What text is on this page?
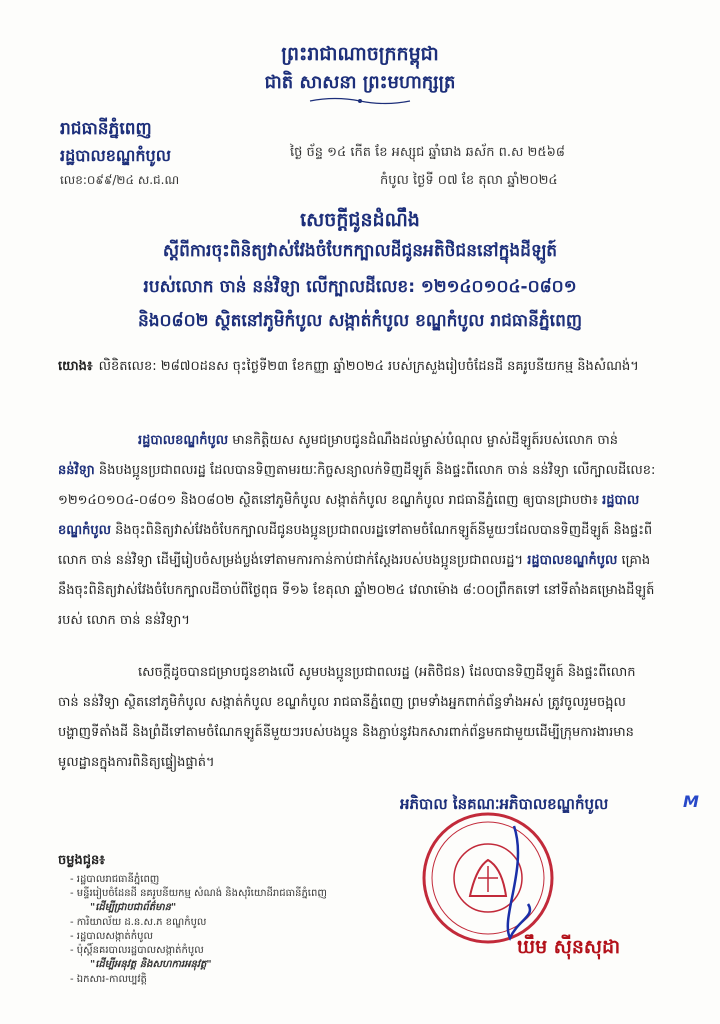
ព្រះរាជាណាចក្រកម្ពុជា
ជាតិ សាសនា ព្រះមហាក្សត្រ
រាជធានីភ្នំពេញ
រដ្ឋបាលខណ្ឌកំបូល
លេខ:០៩៩/២៤ ស.ជ.ណ
ថ្ងៃ ច័ន្ទ ១៤ កើត ខែ អស្សុជ ឆ្នាំរោង ឆស័ក ព.ស ២៥៦៨
កំបូល ថ្ងៃទី ០៧ ខែ តុលា ឆ្នាំ២០២៤
សេចក្ដីជូនដំណឹង
ស្ដីពីការចុះពិនិត្យវាស់វែងចំបែកក្បាលដីជូនអតិថិជននៅក្នុងដីឡូត៍
របស់លោក ចាន់ នន់វិទ្យា លើក្បាលដីលេខ: ១២១៤០១០៤-០៨០១
និង០៨០២ ស្ថិតនៅភូមិកំបូល សង្កាត់កំបូល ខណ្ឌកំបូល រាជធានីភ្នំពេញ
យោង៖ លិខិតលេខ: ២៨៧០ដនស ចុះថ្ងៃទី២៣ ខែកញ្ញា ឆ្នាំ២០២៤ របស់ក្រសួងរៀបចំដែនដី នគរូបនីយកម្ម និងសំណង់។
រដ្ឋបាលខណ្ឌកំបូល មានកិត្តិយស សូមជម្រាបជូនដំណឹងដល់ម្ចាស់បំណុល ម្ចាស់ដីឡូត៍របស់លោក ចាន់ នន់វិទ្យា និងបងប្អូនប្រជាពលរដ្ឋ ដែលបានទិញតាមរយៈកិច្ចសន្យាលក់ទិញដីឡូត៍ និងផ្ទះពីលោក ចាន់ នន់វិទ្យា លើក្បាលដីលេខ: ១២១៤០១០៤-០៨០១ និង០៨០២ ស្ថិតនៅភូមិកំបូល សង្កាត់កំបូល ខណ្ឌកំបូល រាជធានីភ្នំពេញ ឲ្យបានជ្រាបថា៖ រដ្ឋបាលខណ្ឌកំបូល និងចុះពិនិត្យវាស់វែងចំបែកក្បាលដីជូនបងប្អូនប្រជាពលរដ្ឋទៅតាមចំណែកឡូត៍នីមួយៗដែលបានទិញដីឡូត៍ និងផ្ទះពីលោក ចាន់ នន់វិទ្យា ដើម្បីរៀបចំសម្រង់ប្លង់ទៅតាមការកាន់កាប់ជាក់ស្ដែងរបស់បងប្អូនប្រជាពលរដ្ឋ។ រដ្ឋបាលខណ្ឌកំបូល គ្រោងនឹងចុះពិនិត្យវាស់វែងចំបែកក្បាលដីចាប់ពីថ្ងៃពុធ ទី១៦ ខែតុលា ឆ្នាំ២០២៤ វេលាម៉ោង ៨:០០ព្រឹកតទៅ នៅទីតាំងគម្រោងដីឡូត៍របស់ លោក ចាន់ នន់វិទ្យា។
សេចក្ដីដូចបានជម្រាបជូនខាងលើ សូមបងប្អូនប្រជាពលរដ្ឋ (អតិថិជន) ដែលបានទិញដីឡូត៍ និងផ្ទះពីលោក ចាន់ នន់វិទ្យា ស្ថិតនៅភូមិកំបូល សង្កាត់កំបូល ខណ្ឌកំបូល រាជធានីភ្នំពេញ ព្រមទាំងអ្នកពាក់ព័ន្ធទាំងអស់ ត្រូវចូលរួមចង្អុលបង្ហាញទីតាំងដី និងព្រំដីទៅតាមចំណែកឡូត៍នីមួយៗរបស់បងប្អូន និងភ្ជាប់នូវឯកសារពាក់ព័ន្ធមកជាមួយដើម្បីក្រុមការងារមានមូលដ្ឋានក្នុងការពិនិត្យផ្ទៀងផ្ទាត់។
អភិបាល នៃគណៈអភិបាលខណ្ឌកំបូល	M
ឃឹម ស៊ីនសុដា
ចម្លងជូន៖
- រដ្ឋបាលរាជធានីភ្នំពេញ
- មន្ទីររៀបចំដែនដី នគរូបនីយកម្ម សំណង់ និងសុរិយោដីរាជធានីភ្នំពេញ
"ដើម្បីជ្រាបជាព័ត៌មាន"
- ការិយាល័យ ដ.ន.ស.ភ ខណ្ឌកំបូល
- រដ្ឋបាលសង្កាត់កំបូល
- ប៉ុស្ដិ៍នគរបាលរដ្ឋបាលសង្កាត់កំបូល
"ដើម្បីអនុវត្ត និងសហការអនុវត្ត"
- ឯកសារ-កាលប្បវត្តិ
